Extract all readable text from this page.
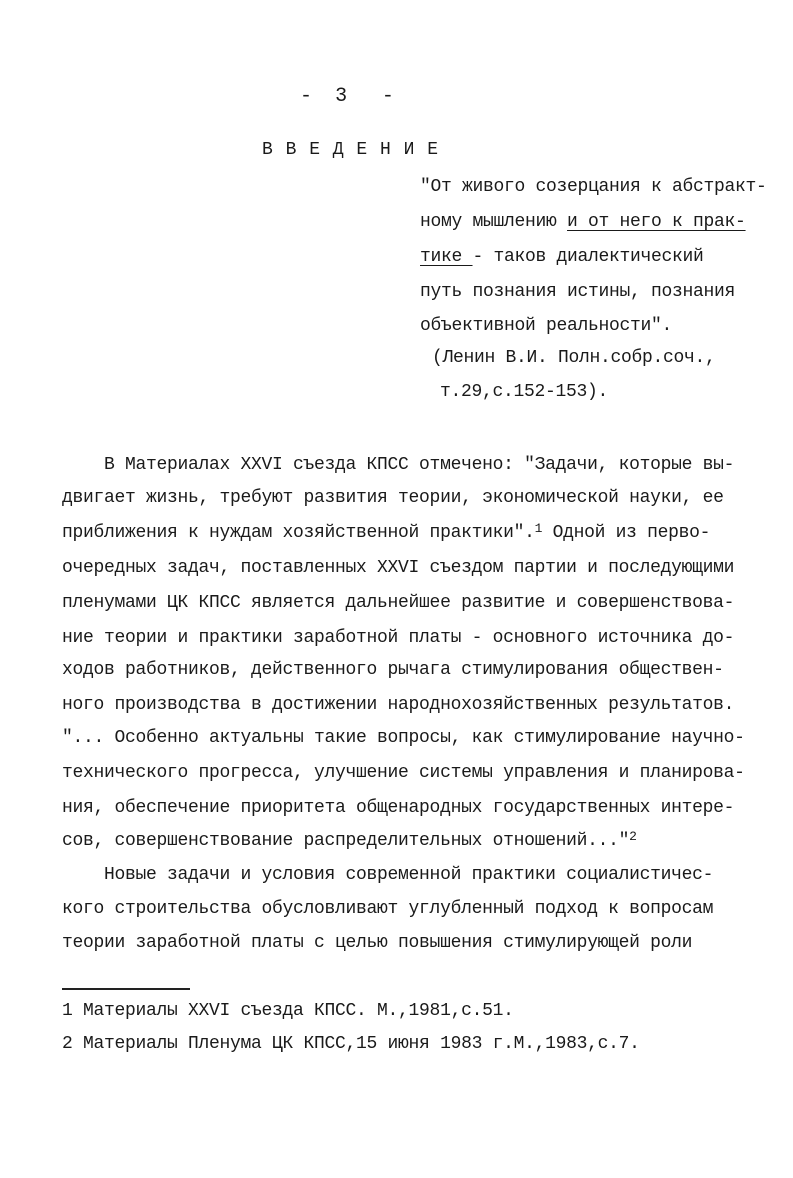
-  3   -
В В Е Д Е Н И Е
"От живого созерцания к абстракт-
ному мышлению и от него к прак-
тике - таков диалектический
путь познания истины, познания
объективной реальности".
(Ленин В.И. Полн.собр.соч.,
т.29,с.152-153).
В Материалах XXVI съезда КПСС отмечено: "Задачи, которые вы-
двигает жизнь, требуют развития теории, экономической науки, ее
приближения к нуждам хозяйственной практики".$^1$ Одной из перво-
очередных задач, поставленных XXVI съездом партии и последующими
пленумами ЦК КПСС является дальнейшее развитие и совершенствова-
ние теории и практики заработной платы - основного источника до-
ходов работников, действенного рычага стимулирования обществен-
ного производства в достижении народнохозяйственных результатов.
"... Особенно актуальны такие вопросы, как стимулирование научно-
технического прогресса, улучшение системы управления и планирова-
ния, обеспечение приоритета общенародных государственных интере-
сов, совершенствование распределительных отношений..."$^2$
Новые задачи и условия современной практики социалистичес-
кого строительства обусловливают углубленный подход к вопросам
теории заработной платы с целью повышения стимулирующей роли
1 Материалы XXVI съезда КПСС. М.,1981,с.51.
2 Материалы Пленума ЦК КПСС,15 июня 1983 г.М.,1983,с.7.
